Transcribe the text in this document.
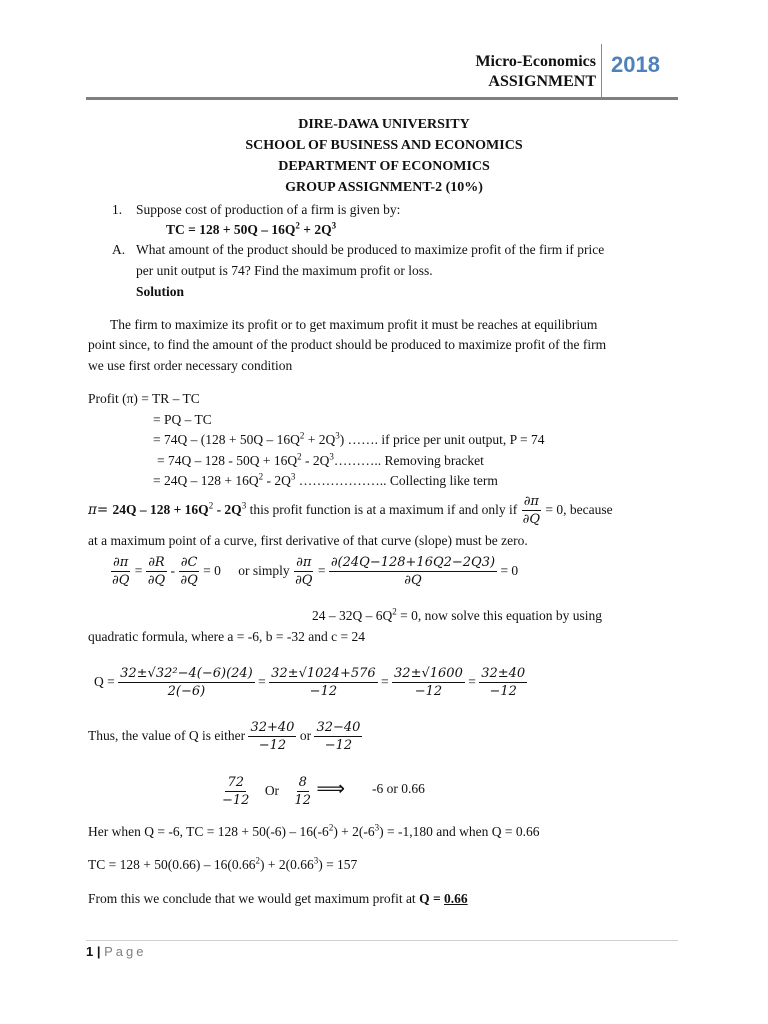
Micro-Economics
ASSIGNMENT
2018
DIRE-DAWA UNIVERSITY
SCHOOL OF BUSINESS AND ECONOMICS
DEPARTMENT OF ECONOMICS
GROUP ASSIGNMENT-2 (10%)
1. Suppose cost of production of a firm is given by:
TC = $128 + 50Q - 16Q^2 + 2Q^3$
A. What amount of the product should be produced to maximize profit of the firm if price
per unit output is 74? Find the maximum profit or loss.
Solution
The firm to maximize its profit or to get maximum profit it must be reaches at equilibrium
point since, to find the amount of the product should be produced to maximize profit of the firm
we use first order necessary condition
Profit (π) = TR – TC
= PQ – TC
= $74Q - (128 + 50Q - 16Q^2 + 2Q^3)$ ……. if price per unit output, P = 74
= $74Q - 128 - 50Q + 16Q^2$ - $2Q^3\dots\dots\dots$.. Removing bracket
= $24Q - 128 + 16Q^2 - 2Q^3$ ……………….. Collecting like term
$\pi= 24Q - 128 + 16Q^2 - 2Q^3$ this profit function is at a maximum if and only if $\frac{\partial\pi}{\partial Q} = 0$, because
at a maximum point of a curve, first derivative of that curve (slope) must be zero.
$\frac{\partial\pi}{\partial Q} = \frac{\partial R}{\partial Q} - \frac{\partial C}{\partial Q} = 0$ or simply $\frac{\partial\pi}{\partial Q} = \frac{\partial(24Q-128+16Q2-2Q3)}{\partial Q} = 0$
$24 - 32Q - 6Q^2 = 0$, now solve this equation by using
quadratic formula, where a = -6, b = -32 and c = 24
$Q = \frac{\text{32±√32²−4(−6)(24)}}{2(-6)} = \frac{32\pm√1024+576}{-12} = \frac{32\pm√1600}{-12} = \frac{32\pm 40}{-12}$
Thus, the value of Q is either $\frac{32+40}{-12}$ or $\frac{32-40}{-12}$
$\frac{72}{-12}$ Or $\frac{8}{12}$ ⟹ -6 or 0.66
Her when Q = -6, TC = $128 + 50(-6) - 16(-6^2) + 2(-6^3) = -1,180$ and when Q = 0.66
TC = $128 + 50(0.66) - 16(0.66^2) + 2(0.66^3) = 157$
From this we conclude that we would get maximum profit at Q = 0.66
1 | Page
